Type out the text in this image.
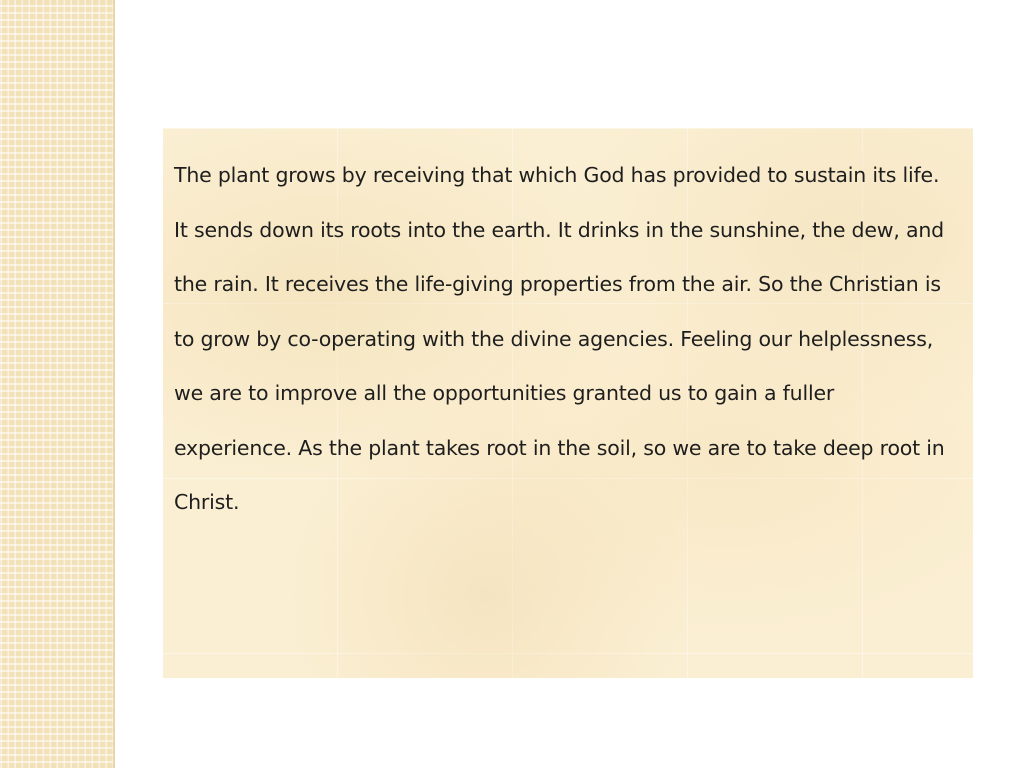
The plant grows by receiving that which God has provided to sustain its life. It sends down its roots into the earth. It drinks in the sunshine, the dew, and the rain. It receives the life-giving properties from the air. So the Christian is to grow by co-operating with the divine agencies. Feeling our helplessness, we are to improve all the opportunities granted us to gain a fuller experience. As the plant takes root in the soil, so we are to take deep root in Christ.
